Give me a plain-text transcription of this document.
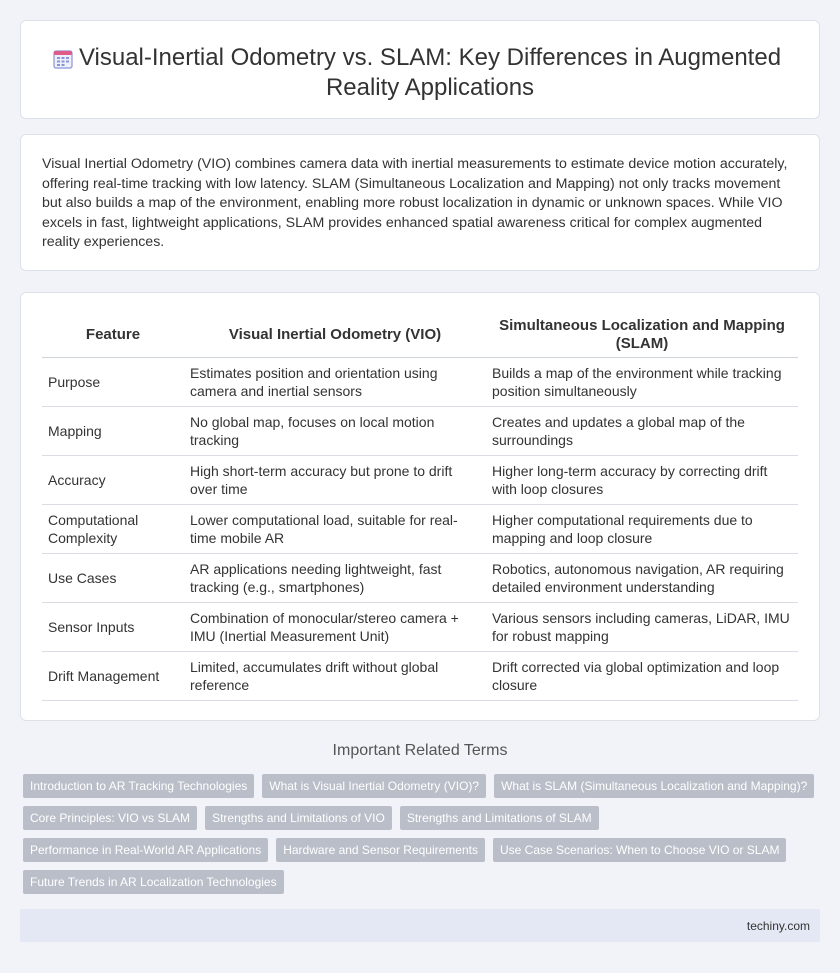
Visual-Inertial Odometry vs. SLAM: Key Differences in Augmented Reality Applications

Visual Inertial Odometry (VIO) combines camera data with inertial measurements to estimate device motion accurately, offering real-time tracking with low latency. SLAM (Simultaneous Localization and Mapping) not only tracks movement but also builds a map of the environment, enabling more robust localization in dynamic or unknown spaces. While VIO excels in fast, lightweight applications, SLAM provides enhanced spatial awareness critical for complex augmented reality experiences.

Feature	Visual Inertial Odometry (VIO)	Simultaneous Localization and Mapping (SLAM)
Purpose	Estimates position and orientation using camera and inertial sensors	Builds a map of the environment while tracking position simultaneously
Mapping	No global map, focuses on local motion tracking	Creates and updates a global map of the surroundings
Accuracy	High short-term accuracy but prone to drift over time	Higher long-term accuracy by correcting drift with loop closures
Computational Complexity	Lower computational load, suitable for real-time mobile AR	Higher computational requirements due to mapping and loop closure
Use Cases	AR applications needing lightweight, fast tracking (e.g., smartphones)	Robotics, autonomous navigation, AR requiring detailed environment understanding
Sensor Inputs	Combination of monocular/stereo camera + IMU (Inertial Measurement Unit)	Various sensors including cameras, LiDAR, IMU for robust mapping
Drift Management	Limited, accumulates drift without global reference	Drift corrected via global optimization and loop closure
Important Related Terms
Introduction to AR Tracking Technologies	What is Visual Inertial Odometry (VIO)?	What is SLAM (Simultaneous Localization and Mapping)?
Core Principles: VIO vs SLAM	Strengths and Limitations of VIO	Strengths and Limitations of SLAM
Performance in Real-World AR Applications	Hardware and Sensor Requirements	Use Case Scenarios: When to Choose VIO or SLAM
Future Trends in AR Localization Technologies
techiny.com
